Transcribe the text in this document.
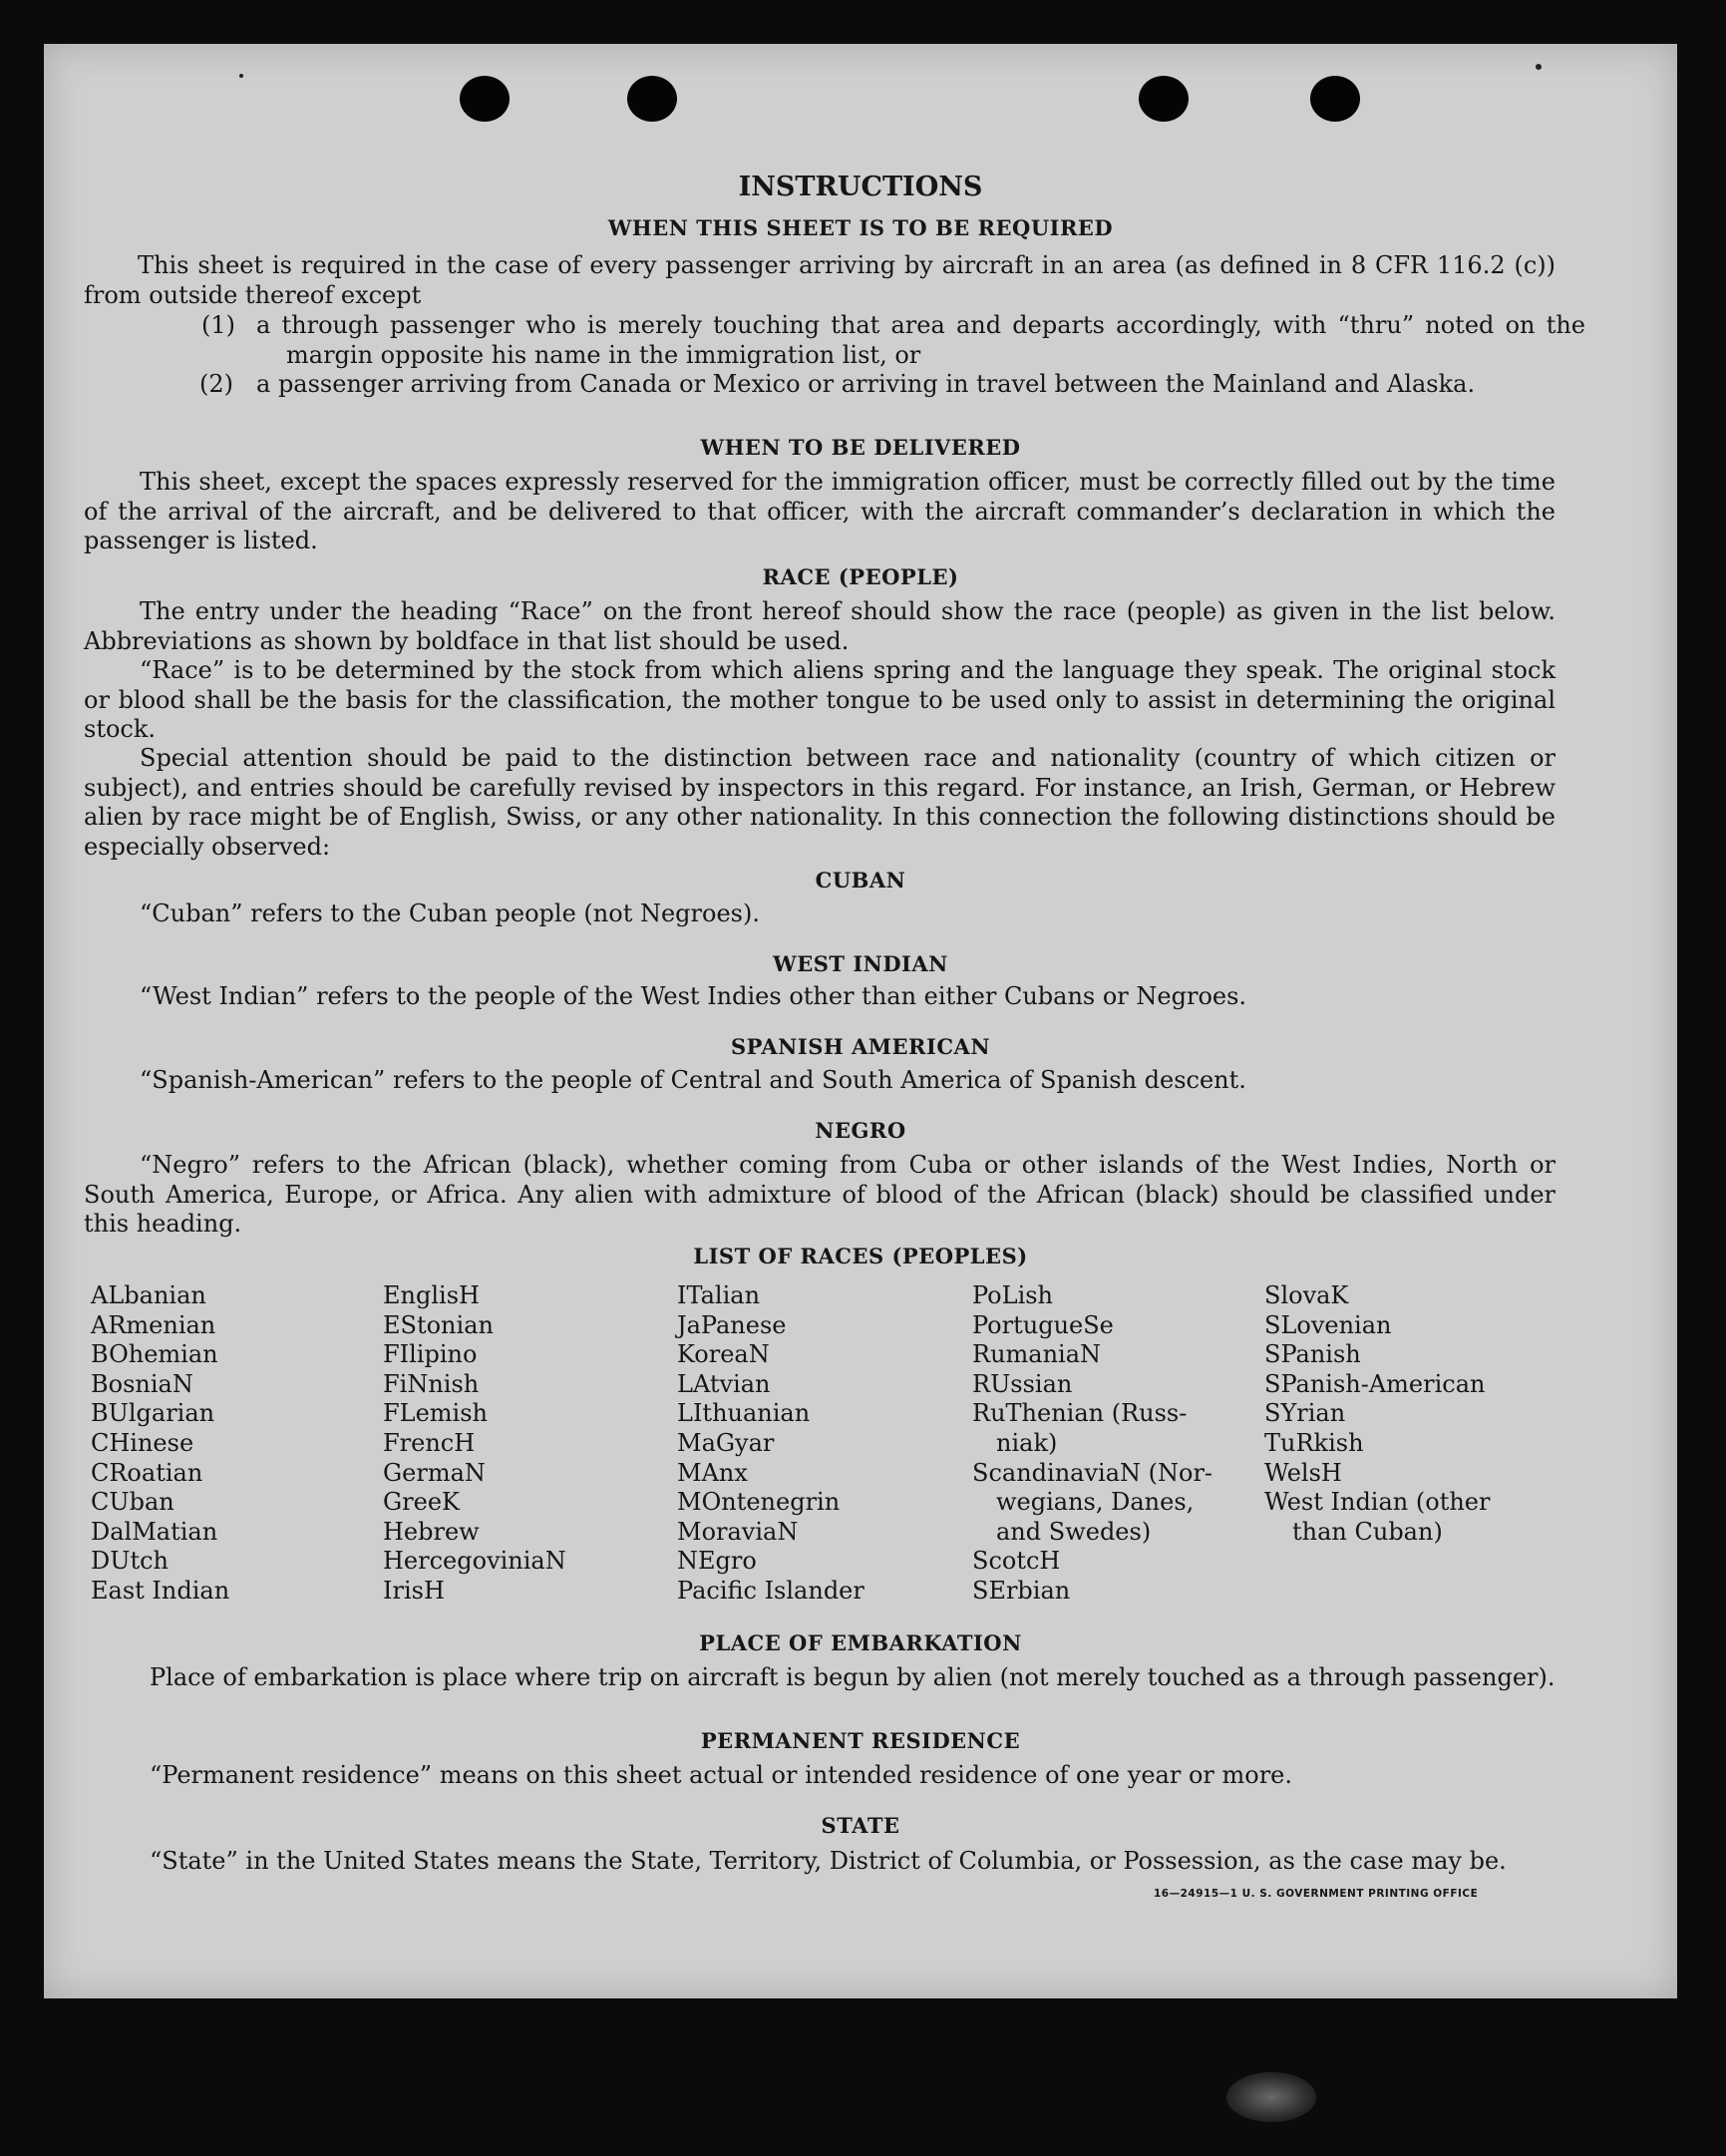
INSTRUCTIONS
WHEN THIS SHEET IS TO BE REQUIRED
This sheet is required in the case of every passenger arriving by aircraft in an area (as defined in 8 CFR 116.2 (c)) from outside thereof except
(1) a through passenger who is merely touching that area and departs accordingly, with “thru” noted on the margin opposite his name in the immigration list, or
(2) a passenger arriving from Canada or Mexico or arriving in travel between the Mainland and Alaska.
WHEN TO BE DELIVERED
This sheet, except the spaces expressly reserved for the immigration officer, must be correctly filled out by the time of the arrival of the aircraft, and be delivered to that officer, with the aircraft commander’s declaration in which the passenger is listed.
RACE (PEOPLE)
The entry under the heading “Race” on the front hereof should show the race (people) as given in the list below. Abbreviations as shown by boldface in that list should be used.
“Race” is to be determined by the stock from which aliens spring and the language they speak. The original stock or blood shall be the basis for the classification, the mother tongue to be used only to assist in determining the original stock.
Special attention should be paid to the distinction between race and nationality (country of which citizen or subject), and entries should be carefully revised by inspectors in this regard. For instance, an Irish, German, or Hebrew alien by race might be of English, Swiss, or any other nationality. In this connection the following distinctions should be especially observed:
CUBAN
“Cuban” refers to the Cuban people (not Negroes).
WEST INDIAN
“West Indian” refers to the people of the West Indies other than either Cubans or Negroes.
SPANISH AMERICAN
“Spanish-American” refers to the people of Central and South America of Spanish descent.
NEGRO
“Negro” refers to the African (black), whether coming from Cuba or other islands of the West Indies, North or South America, Europe, or Africa. Any alien with admixture of blood of the African (black) should be classified under this heading.
LIST OF RACES (PEOPLES)
ALbanian
ARmenian
BOhemian
BosniaN
BUlgarian
CHinese
CRoatian
CUban
DalMatian
DUtch
East Indian
EnglisH
EStonian
FIlipino
FiNnish
FLemish
FrencH
GermaN
GreeK
Hebrew
HercegoviniaN
IrisH
ITalian
JaPanese
KoreaN
LAtvian
LIthuanian
MaGyar
MAnx
MOntenegrin
MoraviaN
NEgro
Pacific Islander
PoLish
PortugueSe
RumaniaN
RUssian
RuThenian (Russ-
niak)
ScandinaviaN (Nor-
wegians, Danes,
and Swedes)
ScotcH
SErbian
SlovaK
SLovenian
SPanish
SPanish-American
SYrian
TuRkish
WelsH
West Indian (other
than Cuban)
PLACE OF EMBARKATION
Place of embarkation is place where trip on aircraft is begun by alien (not merely touched as a through passenger).
PERMANENT RESIDENCE
“Permanent residence” means on this sheet actual or intended residence of one year or more.
STATE
“State” in the United States means the State, Territory, District of Columbia, or Possession, as the case may be.
16—24915—1 U. S. GOVERNMENT PRINTING OFFICE
